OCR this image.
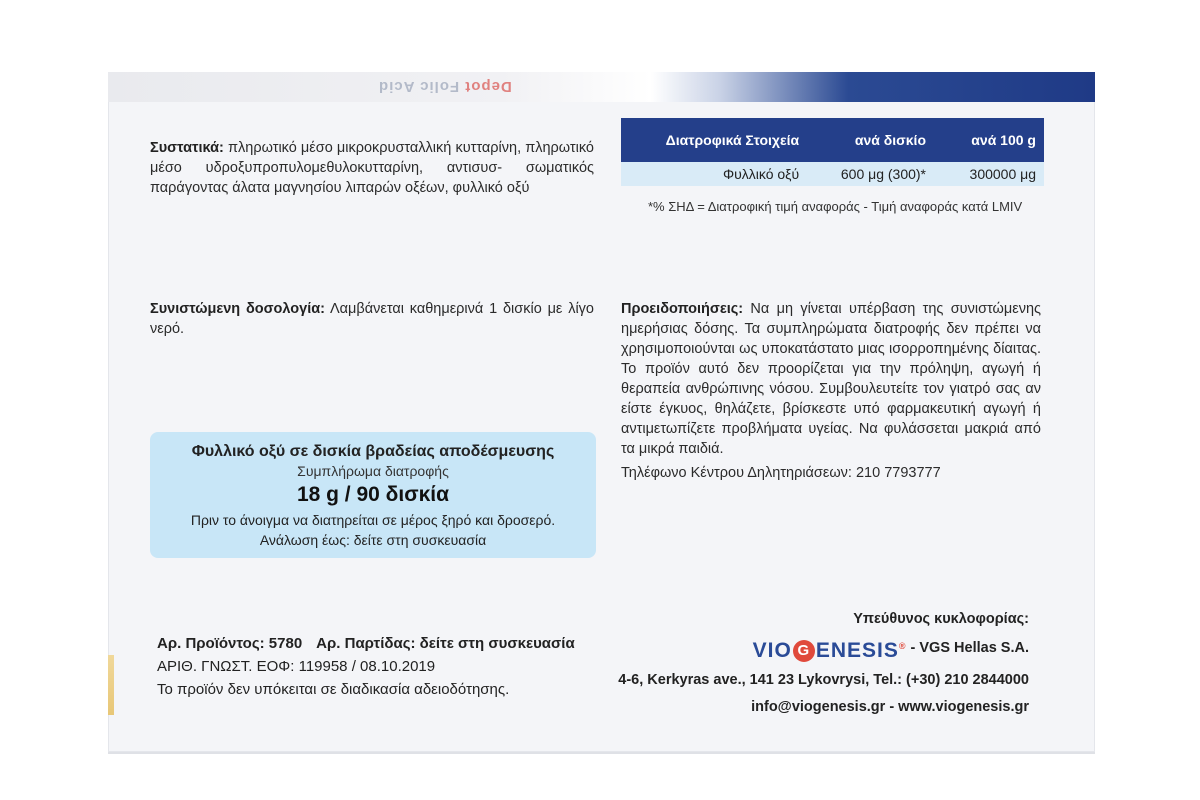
Depot Folic Acid
Συστατικά: πληρωτικό μέσο μικροκρυσταλλική κυτταρίνη, πληρωτικό μέσο υδροξυπροπυλομεθυλοκυτταρίνη, αντισυσ- σωματικός παράγοντας άλατα μαγνησίου λιπαρών οξέων, φυλλικό οξύ
Διατροφικά Στοιχεία	ανά δισκίο	ανά 100 g
Φυλλικό οξύ	600 μg (300)*	300000 μg
*% ΣΗΔ = Διατροφική τιμή αναφοράς - Τιμή αναφοράς κατά LMIV
Συνιστώμενη δοσολογία: Λαμβάνεται καθημερινά 1 δισκίο με λίγο νερό.
Προειδοποιήσεις: Να μη γίνεται υπέρβαση της συνιστώμενης ημερήσιας δόσης. Τα συμπληρώματα διατροφής δεν πρέπει να χρησιμοποιούνται ως υποκατάστατο μιας ισορροπημένης δίαιτας. Το προϊόν αυτό δεν προορίζεται για την πρόληψη, αγωγή ή θεραπεία ανθρώπινης νόσου. Συμβουλευτείτε τον γιατρό σας αν είστε έγκυος, θηλάζετε, βρίσκεστε υπό φαρμακευτική αγωγή ή αντιμετωπίζετε προβλήματα υγείας. Να φυλάσσεται μακριά από τα μικρά παιδιά.
Τηλέφωνο Κέντρου Δηλητηριάσεων: 210 7793777
Φυλλικό οξύ σε δισκία βραδείας αποδέσμευσης
Συμπλήρωμα διατροφής
18 g / 90 δισκία
Πριν το άνοιγμα να διατηρείται σε μέρος ξηρό και δροσερό.
Ανάλωση έως: δείτε στη συσκευασία
Αρ. Προϊόντος: 5780 Αρ. Παρτίδας: δείτε στη συσκευασία
ΑΡΙΘ. ΓΝΩΣΤ. ΕΟΦ: 119958 / 08.10.2019
Το προϊόν δεν υπόκειται σε διαδικασία αδειοδότησης.
Υπεύθυνος κυκλοφορίας:
VIO G ENESIS® - VGS Hellas S.A.
4-6, Kerkyras ave., 141 23 Lykovrysi, Tel.: (+30) 210 2844000
info@viogenesis.gr - www.viogenesis.gr
